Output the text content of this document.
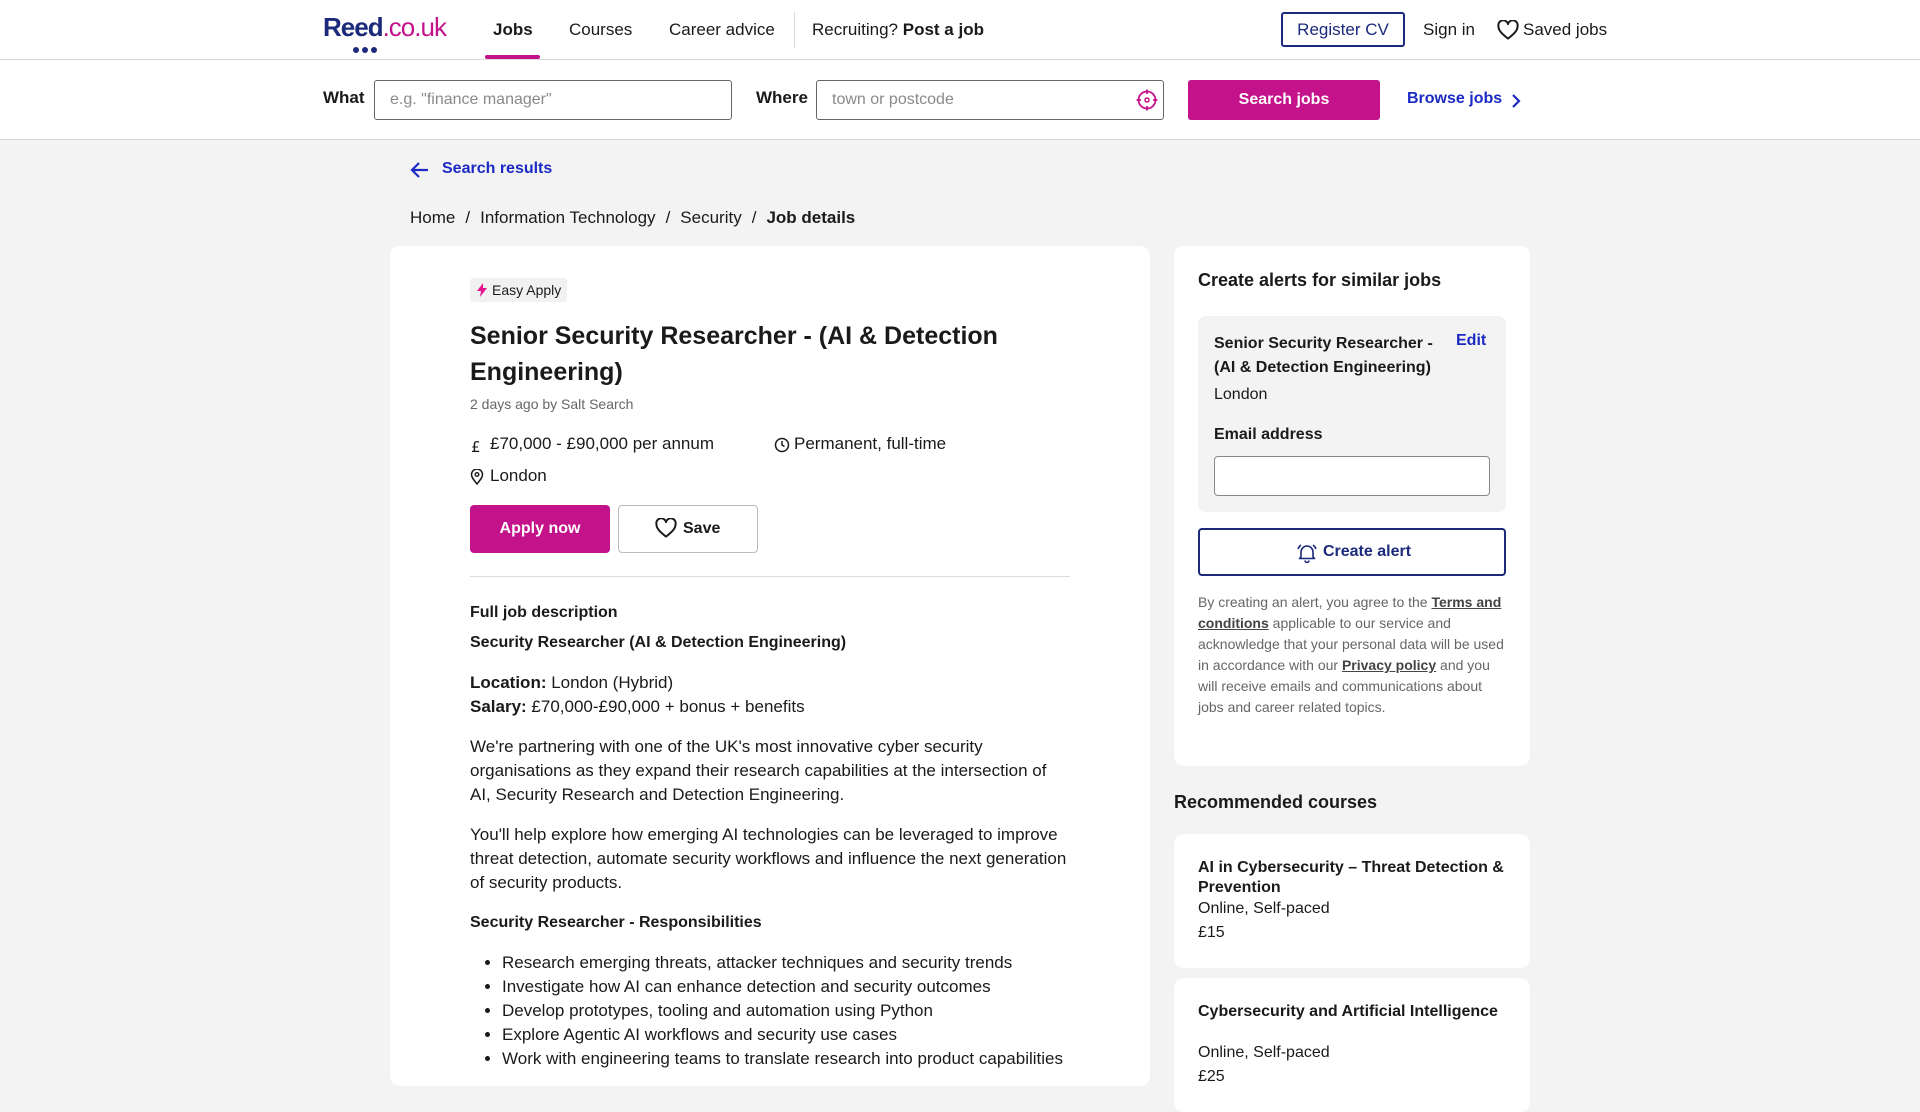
Reed.co.uk	Jobs Courses Career advice Recruiting? Post a job	Register CV	Sign in	Saved jobs
What
e.g. "finance manager"	Where
town or postcode	Search jobs	Browse jobs
Search results
Home / Information Technology / Security / Job details
Easy Apply
Senior Security Researcher - (AI & Detection Engineering)
2 days ago by Salt Search
£ £70,000 - £90,000 per annum	Permanent, full-time
London
Apply now	Save
Full job description
Security Researcher (AI & Detection Engineering)

Location: London (Hybrid)
Salary: £70,000-£90,000 + bonus + benefits

We're partnering with one of the UK's most innovative cyber security organisations as they expand their research capabilities at the intersection of AI, Security Research and Detection Engineering.

You'll help explore how emerging AI technologies can be leveraged to improve threat detection, automate security workflows and influence the next generation of security products.

Security Researcher - Responsibilities
• Research emerging threats, attacker techniques and security trends
• Investigate how AI can enhance detection and security outcomes
• Develop prototypes, tooling and automation using Python
• Explore Agentic AI workflows and security use cases
• Work with engineering teams to translate research into product capabilities
Create alerts for similar jobs
Senior Security Researcher - (AI & Detection Engineering)
Edit
London
Email address
Create alert
By creating an alert, you agree to the Terms and conditions applicable to our service and acknowledge that your personal data will be used in accordance with our Privacy policy and you will receive emails and communications about jobs and career related topics.
Recommended courses
AI in Cybersecurity – Threat Detection & Prevention
Online, Self-paced
£15
Cybersecurity and Artificial Intelligence
Online, Self-paced
£25
